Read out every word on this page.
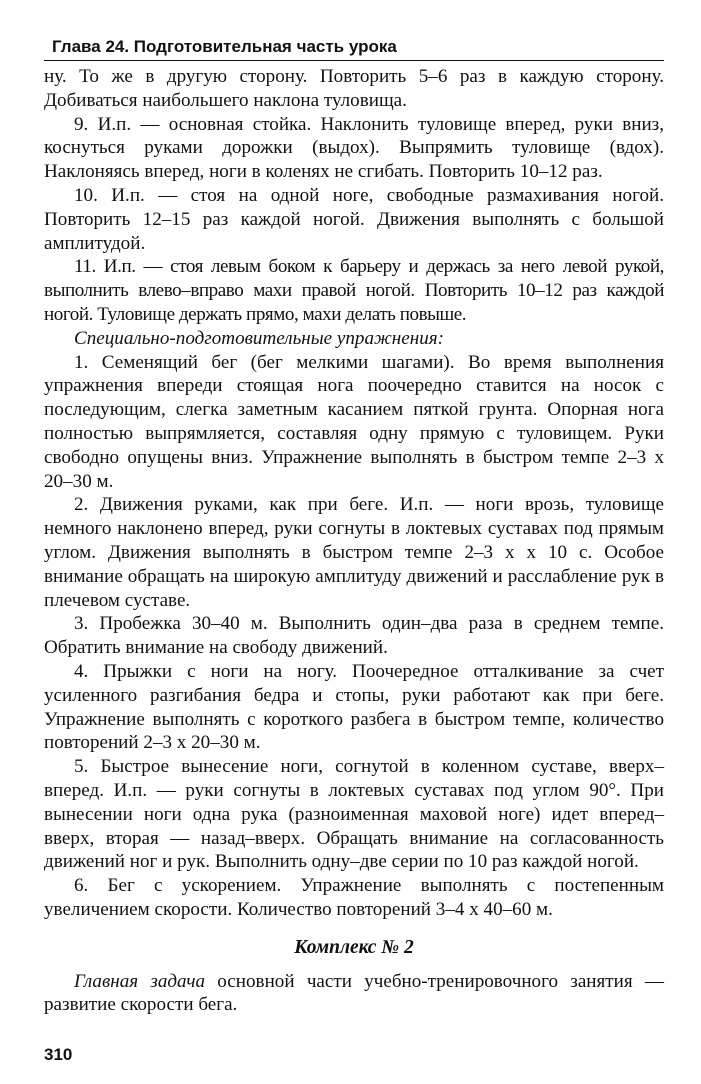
Глава 24. Подготовительная часть урока

ну. То же в другую сторону. Повторить 5–6 раз в каждую сторону. Добиваться наибольшего наклона туловища.

9. И.п. — основная стойка. Наклонить туловище вперед, руки вниз, коснуться руками дорожки (выдох). Выпрямить туловище (вдох). Наклоняясь вперед, ноги в коленях не сгибать. Повторить 10–12 раз.

10. И.п. — стоя на одной ноге, свободные размахивания ногой. Повторить 12–15 раз каждой ногой. Движения выполнять с большой амплитудой.

11. И.п. — стоя левым боком к барьеру и держась за него левой рукой, выполнить влево–вправо махи правой ногой. Повторить 10–12 раз каждой ногой. Туловище держать прямо, махи делать повыше.

Специально-подготовительные упражнения:

1. Семенящий бег (бег мелкими шагами). Во время выполнения упражнения впереди стоящая нога поочередно ставится на носок с последующим, слегка заметным касанием пяткой грунта. Опорная нога полностью выпрямляется, составляя одну прямую с туловищем. Руки свободно опущены вниз. Упражнение выполнять в быстром темпе 2–3 х 20–30 м.

2. Движения руками, как при беге. И.п. — ноги врозь, туловище немного наклонено вперед, руки согнуты в локтевых суставах под прямым углом. Движения выполнять в быстром темпе 2–3 х х 10 с. Особое внимание обращать на широкую амплитуду движений и расслабление рук в плечевом суставе.

3. Пробежка 30–40 м. Выполнить один–два раза в среднем темпе. Обратить внимание на свободу движений.

4. Прыжки с ноги на ногу. Поочередное отталкивание за счет усиленного разгибания бедра и стопы, руки работают как при беге. Упражнение выполнять с короткого разбега в быстром темпе, количество повторений 2–3 х 20–30 м.

5. Быстрое вынесение ноги, согнутой в коленном суставе, вверх–вперед. И.п. — руки согнуты в локтевых суставах под углом 90°. При вынесении ноги одна рука (разноименная маховой ноге) идет вперед–вверх, вторая — назад–вверх. Обращать внимание на согласованность движений ног и рук. Выполнить одну–две серии по 10 раз каждой ногой.

6. Бег с ускорением. Упражнение выполнять с постепенным увеличением скорости. Количество повторений 3–4 х 40–60 м.

Комплекс № 2

Главная задача основной части учебно-тренировочного занятия — развитие скорости бега.

310
